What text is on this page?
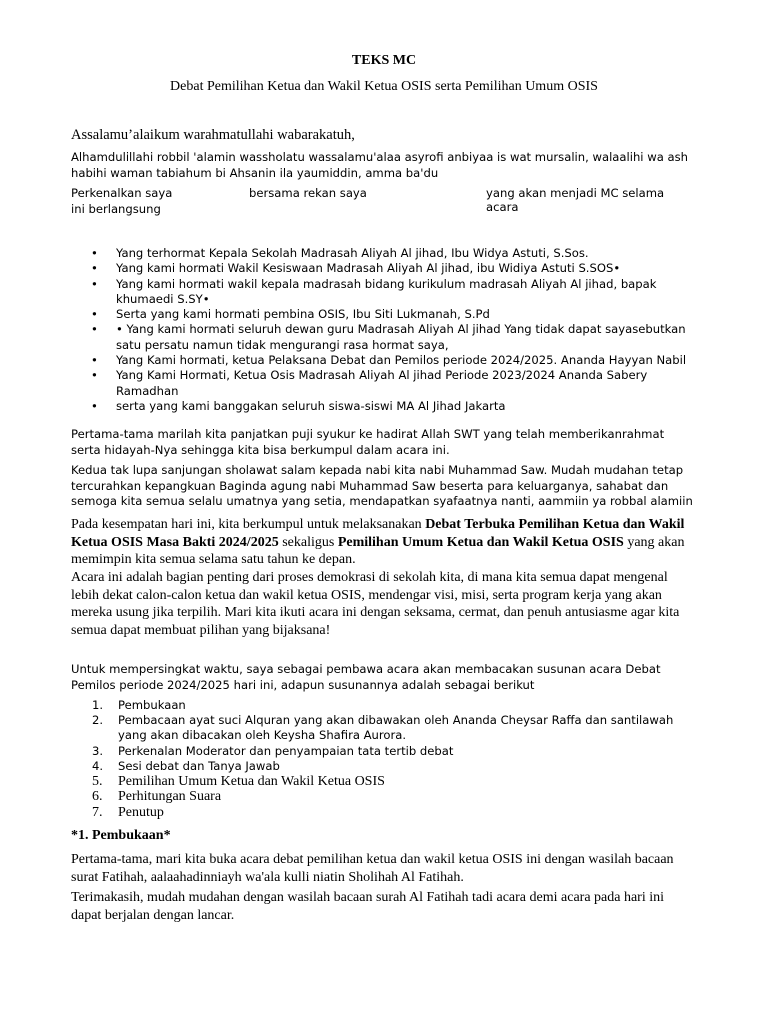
TEKS MC
Debat Pemilihan Ketua dan Wakil Ketua OSIS serta Pemilihan Umum OSIS
Assalamu’alaikum warahmatullahi wabarakatuh,
Alhamdulillahi robbil 'alamin wassholatu wassalamu'alaa asyrofi anbiyaa is wat mursalin, walaalihi wa ash habihi waman tabiahum bi Ahsanin ila yaumiddin, amma ba'du
Perkenalkan saya	bersama rekan saya	yang akan menjadi MC selama acara
ini berlangsung
• Yang terhormat Kepala Sekolah Madrasah Aliyah Al jihad, Ibu Widya Astuti, S.Sos.
• Yang kami hormati Wakil Kesiswaan Madrasah Aliyah Al jihad, ibu Widiya Astuti S.SOS•
• Yang kami hormati wakil kepala madrasah bidang kurikulum madrasah Aliyah Al jihad, bapak khumaedi S.SY•
• Serta yang kami hormati pembina OSIS, Ibu Siti Lukmanah, S.Pd
• • Yang kami hormati seluruh dewan guru Madrasah Aliyah Al jihad Yang tidak dapat sayasebutkan satu persatu namun tidak mengurangi rasa hormat saya,
• Yang Kami hormati, ketua Pelaksana Debat dan Pemilos periode 2024/2025. Ananda Hayyan Nabil
• Yang Kami Hormati, Ketua Osis Madrasah Aliyah Al jihad Periode 2023/2024 Ananda Sabery Ramadhan
• serta yang kami banggakan seluruh siswa-siswi MA Al Jihad Jakarta
Pertama-tama marilah kita panjatkan puji syukur ke hadirat Allah SWT yang telah memberikanrahmat serta hidayah-Nya sehingga kita bisa berkumpul dalam acara ini.
Kedua tak lupa sanjungan sholawat salam kepada nabi kita nabi Muhammad Saw. Mudah mudahan tetap tercurahkan kepangkuan Baginda agung nabi Muhammad Saw beserta para keluarganya, sahabat dan semoga kita semua selalu umatnya yang setia, mendapatkan syafaatnya nanti, aammiin ya robbal alamiin
Pada kesempatan hari ini, kita berkumpul untuk melaksanakan Debat Terbuka Pemilihan Ketua dan Wakil Ketua OSIS Masa Bakti 2024/2025 sekaligus Pemilihan Umum Ketua dan Wakil Ketua OSIS yang akan memimpin kita semua selama satu tahun ke depan.
Acara ini adalah bagian penting dari proses demokrasi di sekolah kita, di mana kita semua dapat mengenal lebih dekat calon-calon ketua dan wakil ketua OSIS, mendengar visi, misi, serta program kerja yang akan mereka usung jika terpilih. Mari kita ikuti acara ini dengan seksama, cermat, dan penuh antusiasme agar kita semua dapat membuat pilihan yang bijaksana!
Untuk mempersingkat waktu, saya sebagai pembawa acara akan membacakan susunan acara Debat Pemilos periode 2024/2025 hari ini, adapun susunannya adalah sebagai berikut
1. Pembukaan
2. Pembacaan ayat suci Alquran yang akan dibawakan oleh Ananda Cheysar Raffa dan santilawah yang akan dibacakan oleh Keysha Shafira Aurora.
3. Perkenalan Moderator dan penyampaian tata tertib debat
4. Sesi debat dan Tanya Jawab
5. Pemilihan Umum Ketua dan Wakil Ketua OSIS
6. Perhitungan Suara
7. Penutup
*1. Pembukaan*
Pertama-tama, mari kita buka acara debat pemilihan ketua dan wakil ketua OSIS ini dengan wasilah bacaan surat Fatihah, aalaahadinniayh wa'ala kulli niatin Sholihah Al Fatihah.
Terimakasih, mudah mudahan dengan wasilah bacaan surah Al Fatihah tadi acara demi acara pada hari ini dapat berjalan dengan lancar.
